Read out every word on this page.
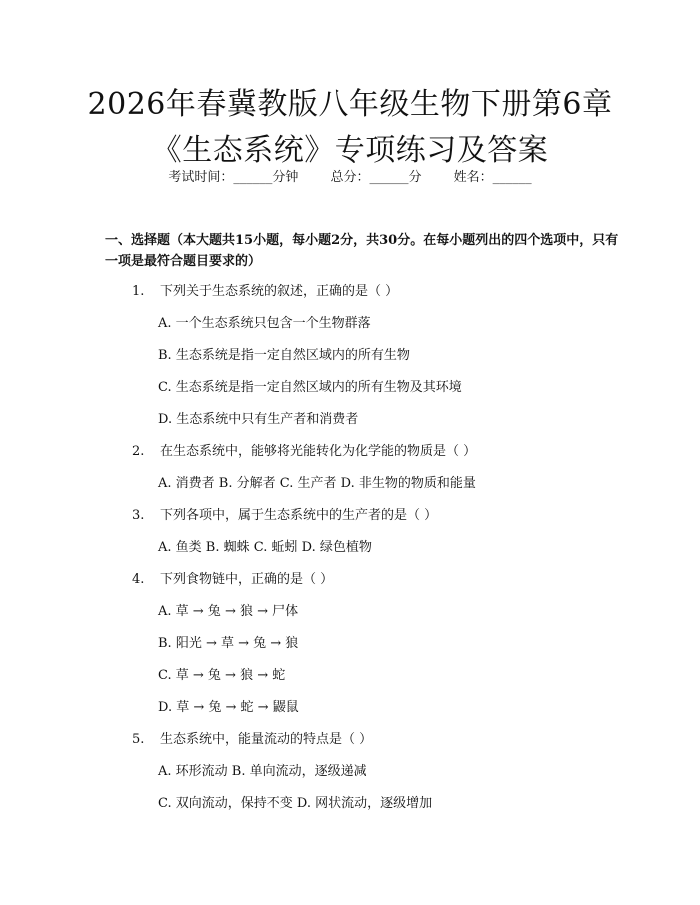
2026年春冀教版八年级生物下册第6章《生态系统》专项练习及答案
考试时间：______分钟 总分：______分 姓名：______
一、选择题（本大题共15小题，每小题2分，共30分。在每小题列出的四个选项中，只有一项是最符合题目要求的）
1. 下列关于生态系统的叙述，正确的是（ ）
A. 一个生态系统只包含一个生物群落
B. 生态系统是指一定自然区域内的所有生物
C. 生态系统是指一定自然区域内的所有生物及其环境
D. 生态系统中只有生产者和消费者
2. 在生态系统中，能够将光能转化为化学能的物质是（ ）
A. 消费者 B. 分解者 C. 生产者 D. 非生物的物质和能量
3. 下列各项中，属于生态系统中的生产者的是（ ）
A. 鱼类 B. 蜘蛛 C. 蚯蚓 D. 绿色植物
4. 下列食物链中，正确的是（ ）
A. 草 → 兔 → 狼 → 尸体
B. 阳光 → 草 → 兔 → 狼
C. 草 → 兔 → 狼 → 蛇
D. 草 → 兔 → 蛇 → 鼹鼠
5. 生态系统中，能量流动的特点是（ ）
A. 环形流动 B. 单向流动，逐级递减
C. 双向流动，保持不变 D. 网状流动，逐级增加
